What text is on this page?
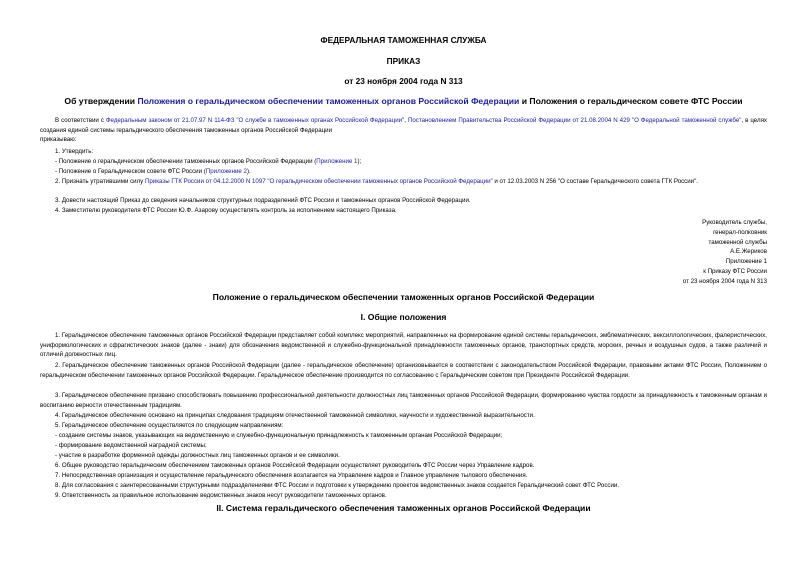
ФЕДЕРАЛЬНАЯ ТАМОЖЕННАЯ СЛУЖБА
ПРИКАЗ
от 23 ноября 2004 года N 313
Об утверждении Положения о геральдическом обеспечении таможенных органов Российской Федерации и Положения о геральдическом совете ФТС России
В соответствии с Федеральным законом от 21.07.97 N 114-ФЗ "О службе в таможенных органах Российской Федерации", Постановлением Правительства Российской Федерации от 21.08.2004 N 429 "О Федеральной таможенной службе", в целях создания единой системы геральдического обеспечения таможенных органов Российской Федерации
приказываю:
1. Утвердить:
- Положение о геральдическом обеспечении таможенных органов Российской Федерации (Приложение 1);
- Положение о Геральдическом совете ФТС России (Приложение 2).
2. Признать утратившими силу Приказы ГТК России от 04.12.2000 N 1097 "О геральдическом обеспечении таможенных органов Российской Федерации" и от 12.03.2003 N 256 "О составе Геральдического совета ГТК России".
3. Довести настоящий Приказ до сведения начальников структурных подразделений ФТС России и таможенных органов Российской Федерации.
4. Заместителю руководителя ФТС России Ю.Ф. Азарову осуществлять контроль за исполнением настоящего Приказа.
Руководитель службы,
генерал-полковник
таможенной службы
А.Е.Жериков
Приложение 1
к Приказу ФТС России
от 23 ноября 2004 года N 313
Положение о геральдическом обеспечении таможенных органов Российской Федерации
I. Общие положения
1. Геральдическое обеспечение таможенных органов Российской Федерации представляет собой комплекс мероприятий, направленных на формирование единой системы геральдических, эмблематических, вексиллологических, фалеристических, униформологических и сфрагистических знаков (далее - знаки) для обозначения ведомственной и служебно-функциональной принадлежности таможенных органов, транспортных средств, морских, речных и воздушных судов, а также различий и отличий должностных лиц.
2. Геральдическое обеспечение таможенных органов Российской Федерации (далее - геральдическое обеспечение) организовывается в соответствии с законодательством Российской Федерации, правовыми актами ФТС России, Положением о геральдическом обеспечении таможенных органов Российской Федерации. Геральдическое обеспечение производится по согласованию с Геральдическим советом при Президенте Российской Федерации.
3. Геральдическое обеспечение призвано способствовать повышению профессиональной деятельности должностных лиц таможенных органов Российской Федерации, формированию чувства гордости за принадлежность к таможенным органам и воспитанию верности отечественным традициям.
4. Геральдическое обеспечение основано на принципах следования традициям отечественной таможенной символики, научности и художественной выразительности.
5. Геральдическое обеспечение осуществляется по следующим направлениям:
- создание системы знаков, указывающих на ведомственную и служебно-функциональную принадлежность к таможенным органам Российской Федерации;
- формирование ведомственной наградной системы;
- участие в разработке форменной одежды должностных лиц таможенных органов и ее символики.
6. Общее руководство геральдическим обеспечением таможенных органов Российской Федерации осуществляет руководитель ФТС России через Управление кадров.
7. Непосредственная организация и осуществление геральдического обеспечения возлагается на Управление кадров и Главное управление тылового обеспечения.
8. Для согласования с заинтересованными структурными подразделениями ФТС России и подготовки к утверждению проектов ведомственных знаков создается Геральдический совет ФТС России.
9. Ответственность за правильное использование ведомственных знаков несут руководители таможенных органов.
II. Система геральдического обеспечения таможенных органов Российской Федерации
